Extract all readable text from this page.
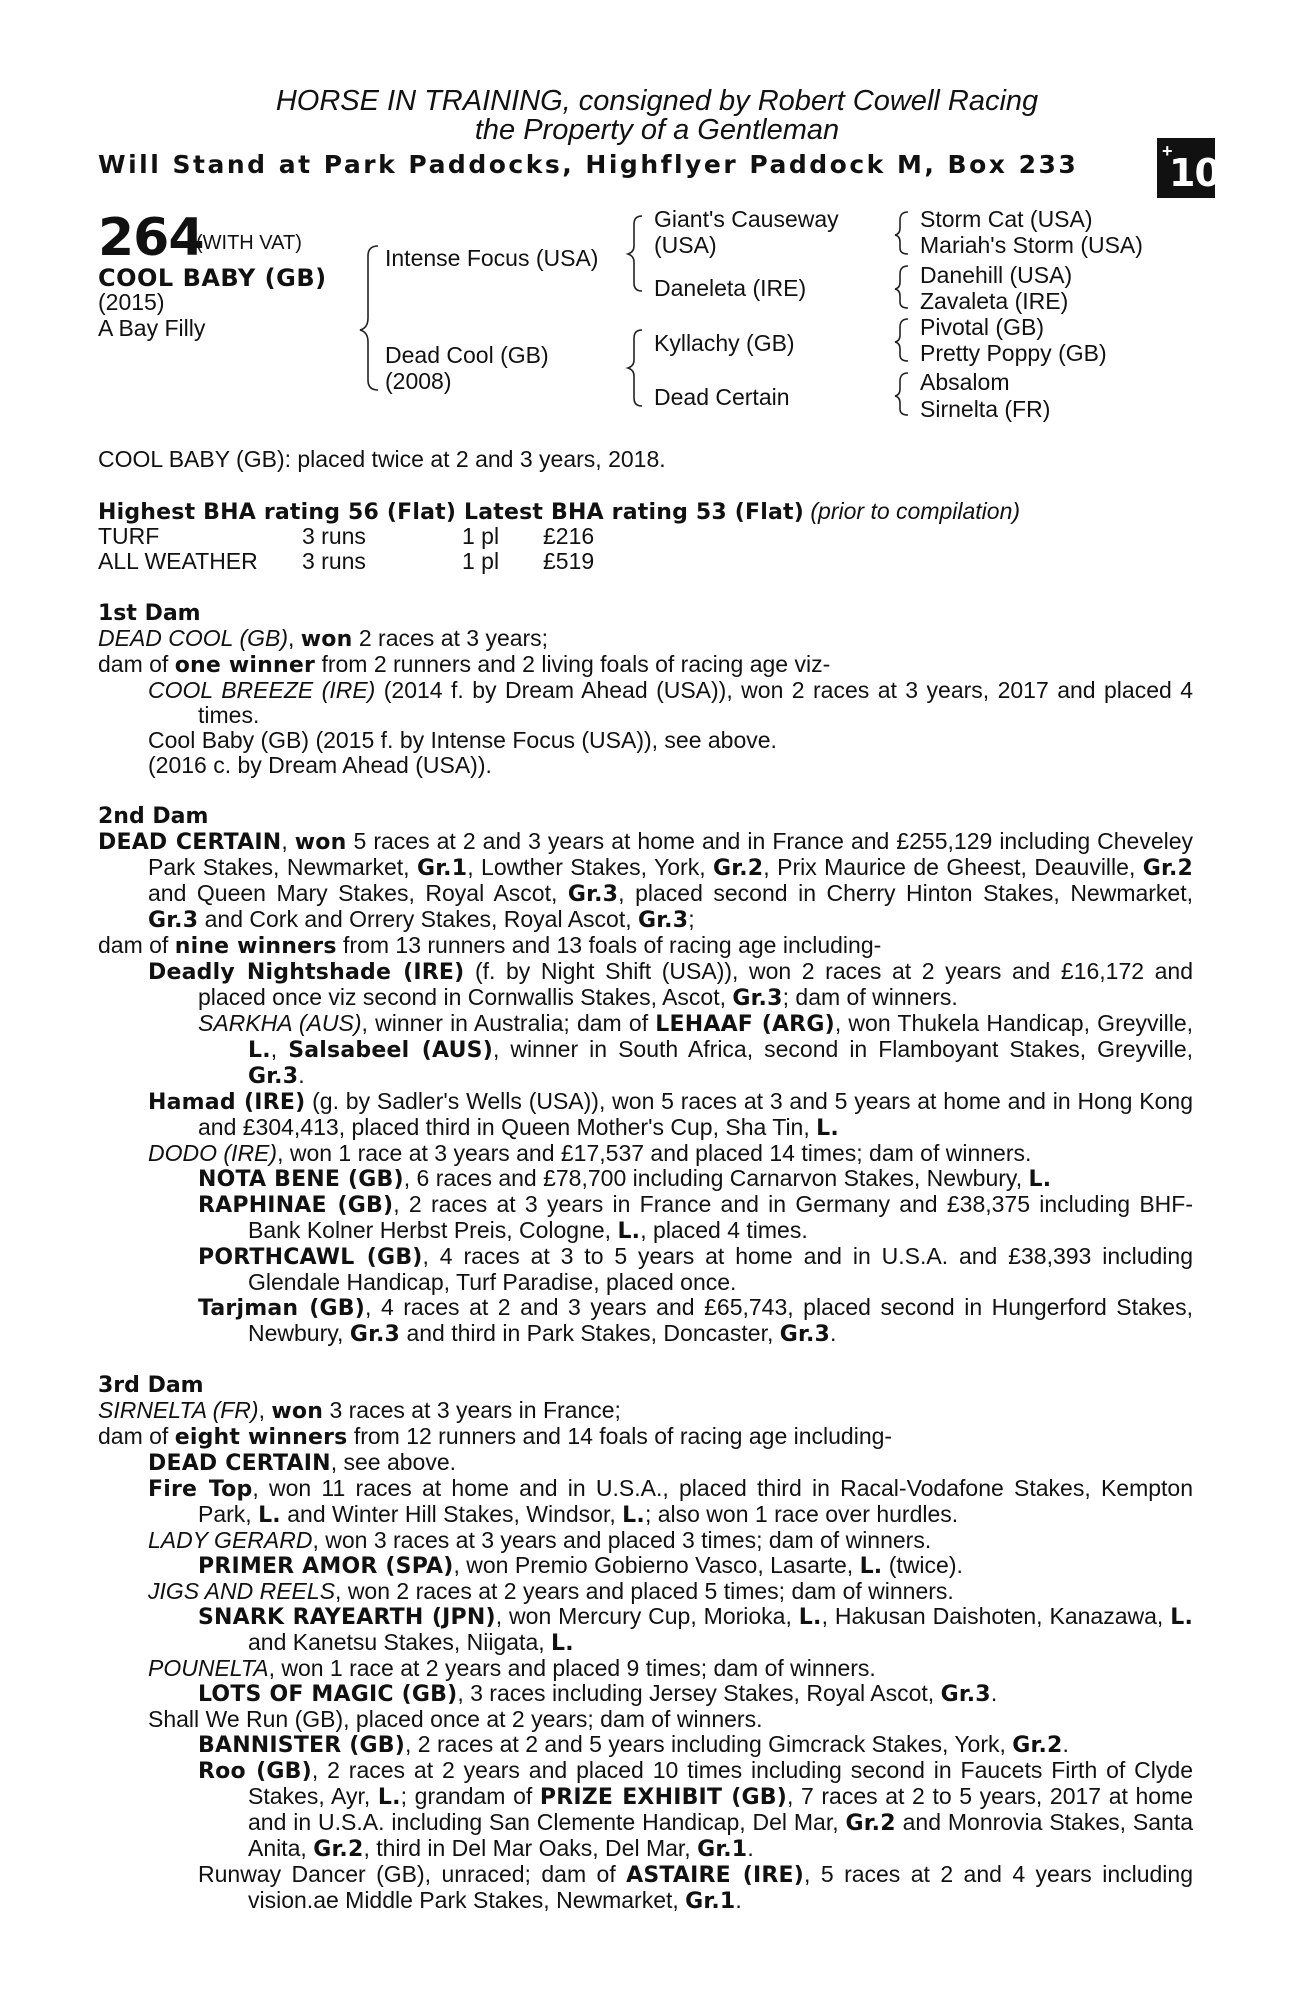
HORSE IN TRAINING, consigned by Robert Cowell Racing
the Property of a Gentleman
Will Stand at Park Paddocks, Highflyer Paddock M, Box 233	+
10
264
(WITH VAT)
COOL BABY (GB)
(2015)
A Bay Filly
Intense Focus (USA)
Dead Cool (GB)
(2008)
Giant's Causeway
(USA)
Daneleta (IRE)
Kyllachy (GB)
Dead Certain
Storm Cat (USA)
Mariah's Storm (USA)
Danehill (USA)
Zavaleta (IRE)
Pivotal (GB)
Pretty Poppy (GB)
Absalom
Sirnelta (FR)
COOL BABY (GB): placed twice at 2 and 3 years, 2018.
Highest BHA rating 56 (Flat) Latest BHA rating 53 (Flat) (prior to compilation)
TURF	3 runs	1 pl £216
ALL WEATHER 3 runs	1 pl £519
1st Dam
DEAD COOL (GB), won 2 races at 3 years;
dam of one winner from 2 runners and 2 living foals of racing age viz-
COOL BREEZE (IRE) (2014 f. by Dream Ahead (USA)), won 2 races at 3 years, 2017 and placed 4 times.
Cool Baby (GB) (2015 f. by Intense Focus (USA)), see above.
(2016 c. by Dream Ahead (USA)).
2nd Dam
DEAD CERTAIN, won 5 races at 2 and 3 years at home and in France and £255,129 including Cheveley Park Stakes, Newmarket, Gr.1, Lowther Stakes, York, Gr.2, Prix Maurice de Gheest, Deauville, Gr.2 and Queen Mary Stakes, Royal Ascot, Gr.3, placed second in Cherry Hinton Stakes, Newmarket, Gr.3 and Cork and Orrery Stakes, Royal Ascot, Gr.3;
dam of nine winners from 13 runners and 13 foals of racing age including-
Deadly Nightshade (IRE) (f. by Night Shift (USA)), won 2 races at 2 years and £16,172 and placed once viz second in Cornwallis Stakes, Ascot, Gr.3; dam of winners.
SARKHA (AUS), winner in Australia; dam of LEHAAF (ARG), won Thukela Handicap, Greyville, L., Salsabeel (AUS), winner in South Africa, second in Flamboyant Stakes, Greyville, Gr.3.
Hamad (IRE) (g. by Sadler's Wells (USA)), won 5 races at 3 and 5 years at home and in Hong Kong and £304,413, placed third in Queen Mother's Cup, Sha Tin, L.
DODO (IRE), won 1 race at 3 years and £17,537 and placed 14 times; dam of winners.
NOTA BENE (GB), 6 races and £78,700 including Carnarvon Stakes, Newbury, L.
RAPHINAE (GB), 2 races at 3 years in France and in Germany and £38,375 including BHF-Bank Kolner Herbst Preis, Cologne, L., placed 4 times.
PORTHCAWL (GB), 4 races at 3 to 5 years at home and in U.S.A. and £38,393 including Glendale Handicap, Turf Paradise, placed once.
Tarjman (GB), 4 races at 2 and 3 years and £65,743, placed second in Hungerford Stakes, Newbury, Gr.3 and third in Park Stakes, Doncaster, Gr.3.
3rd Dam
SIRNELTA (FR), won 3 races at 3 years in France;
dam of eight winners from 12 runners and 14 foals of racing age including-
DEAD CERTAIN, see above.
Fire Top, won 11 races at home and in U.S.A., placed third in Racal-Vodafone Stakes, Kempton Park, L. and Winter Hill Stakes, Windsor, L.; also won 1 race over hurdles.
LADY GERARD, won 3 races at 3 years and placed 3 times; dam of winners.
PRIMER AMOR (SPA), won Premio Gobierno Vasco, Lasarte, L. (twice).
JIGS AND REELS, won 2 races at 2 years and placed 5 times; dam of winners.
SNARK RAYEARTH (JPN), won Mercury Cup, Morioka, L., Hakusan Daishoten, Kanazawa, L. and Kanetsu Stakes, Niigata, L.
POUNELTA, won 1 race at 2 years and placed 9 times; dam of winners.
LOTS OF MAGIC (GB), 3 races including Jersey Stakes, Royal Ascot, Gr.3.
Shall We Run (GB), placed once at 2 years; dam of winners.
BANNISTER (GB), 2 races at 2 and 5 years including Gimcrack Stakes, York, Gr.2.
Roo (GB), 2 races at 2 years and placed 10 times including second in Faucets Firth of Clyde Stakes, Ayr, L.; grandam of PRIZE EXHIBIT (GB), 7 races at 2 to 5 years, 2017 at home and in U.S.A. including San Clemente Handicap, Del Mar, Gr.2 and Monrovia Stakes, Santa Anita, Gr.2, third in Del Mar Oaks, Del Mar, Gr.1.
Runway Dancer (GB), unraced; dam of ASTAIRE (IRE), 5 races at 2 and 4 years including vision.ae Middle Park Stakes, Newmarket, Gr.1.
